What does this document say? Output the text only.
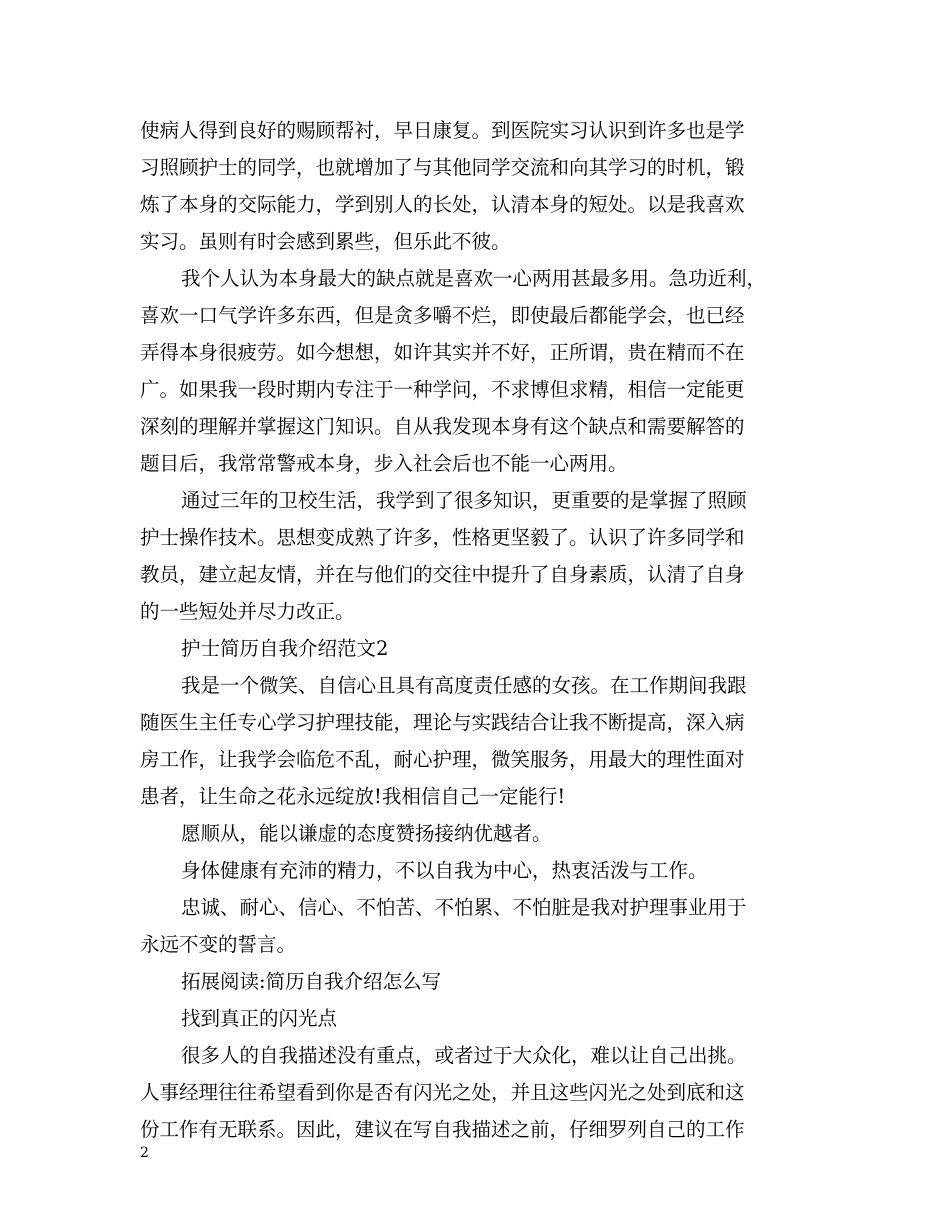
使病人得到良好的赐顾帮衬，早日康复。到医院实习认识到许多也是学
习照顾护士的同学，也就增加了与其他同学交流和向其学习的时机，锻
炼了本身的交际能力，学到别人的长处，认清本身的短处。以是我喜欢
实习。虽则有时会感到累些，但乐此不彼。
我个人认为本身最大的缺点就是喜欢一心两用甚最多用。急功近利，
喜欢一口气学许多东西，但是贪多嚼不烂，即使最后都能学会，也已经
弄得本身很疲劳。如今想想，如许其实并不好，正所谓，贵在精而不在
广。如果我一段时期内专注于一种学问，不求博但求精，相信一定能更
深刻的理解并掌握这门知识。自从我发现本身有这个缺点和需要解答的
题目后，我常常警戒本身，步入社会后也不能一心两用。
通过三年的卫校生活，我学到了很多知识，更重要的是掌握了照顾
护士操作技术。思想变成熟了许多，性格更坚毅了。认识了许多同学和
教员，建立起友情，并在与他们的交往中提升了自身素质，认清了自身
的一些短处并尽力改正。
护士简历自我介绍范文2
我是一个微笑、自信心且具有高度责任感的女孩。在工作期间我跟
随医生主任专心学习护理技能，理论与实践结合让我不断提高，深入病
房工作，让我学会临危不乱，耐心护理，微笑服务，用最大的理性面对
患者，让生命之花永远绽放!我相信自己一定能行!
愿顺从，能以谦虚的态度赞扬接纳优越者。
身体健康有充沛的精力，不以自我为中心，热衷活泼与工作。
忠诚、耐心、信心、不怕苦、不怕累、不怕脏是我对护理事业用于
永远不变的誓言。
拓展阅读:简历自我介绍怎么写
找到真正的闪光点
很多人的自我描述没有重点，或者过于大众化，难以让自己出挑。
人事经理往往希望看到你是否有闪光之处，并且这些闪光之处到底和这
份工作有无联系。因此，建议在写自我描述之前，仔细罗列自己的工作
2
